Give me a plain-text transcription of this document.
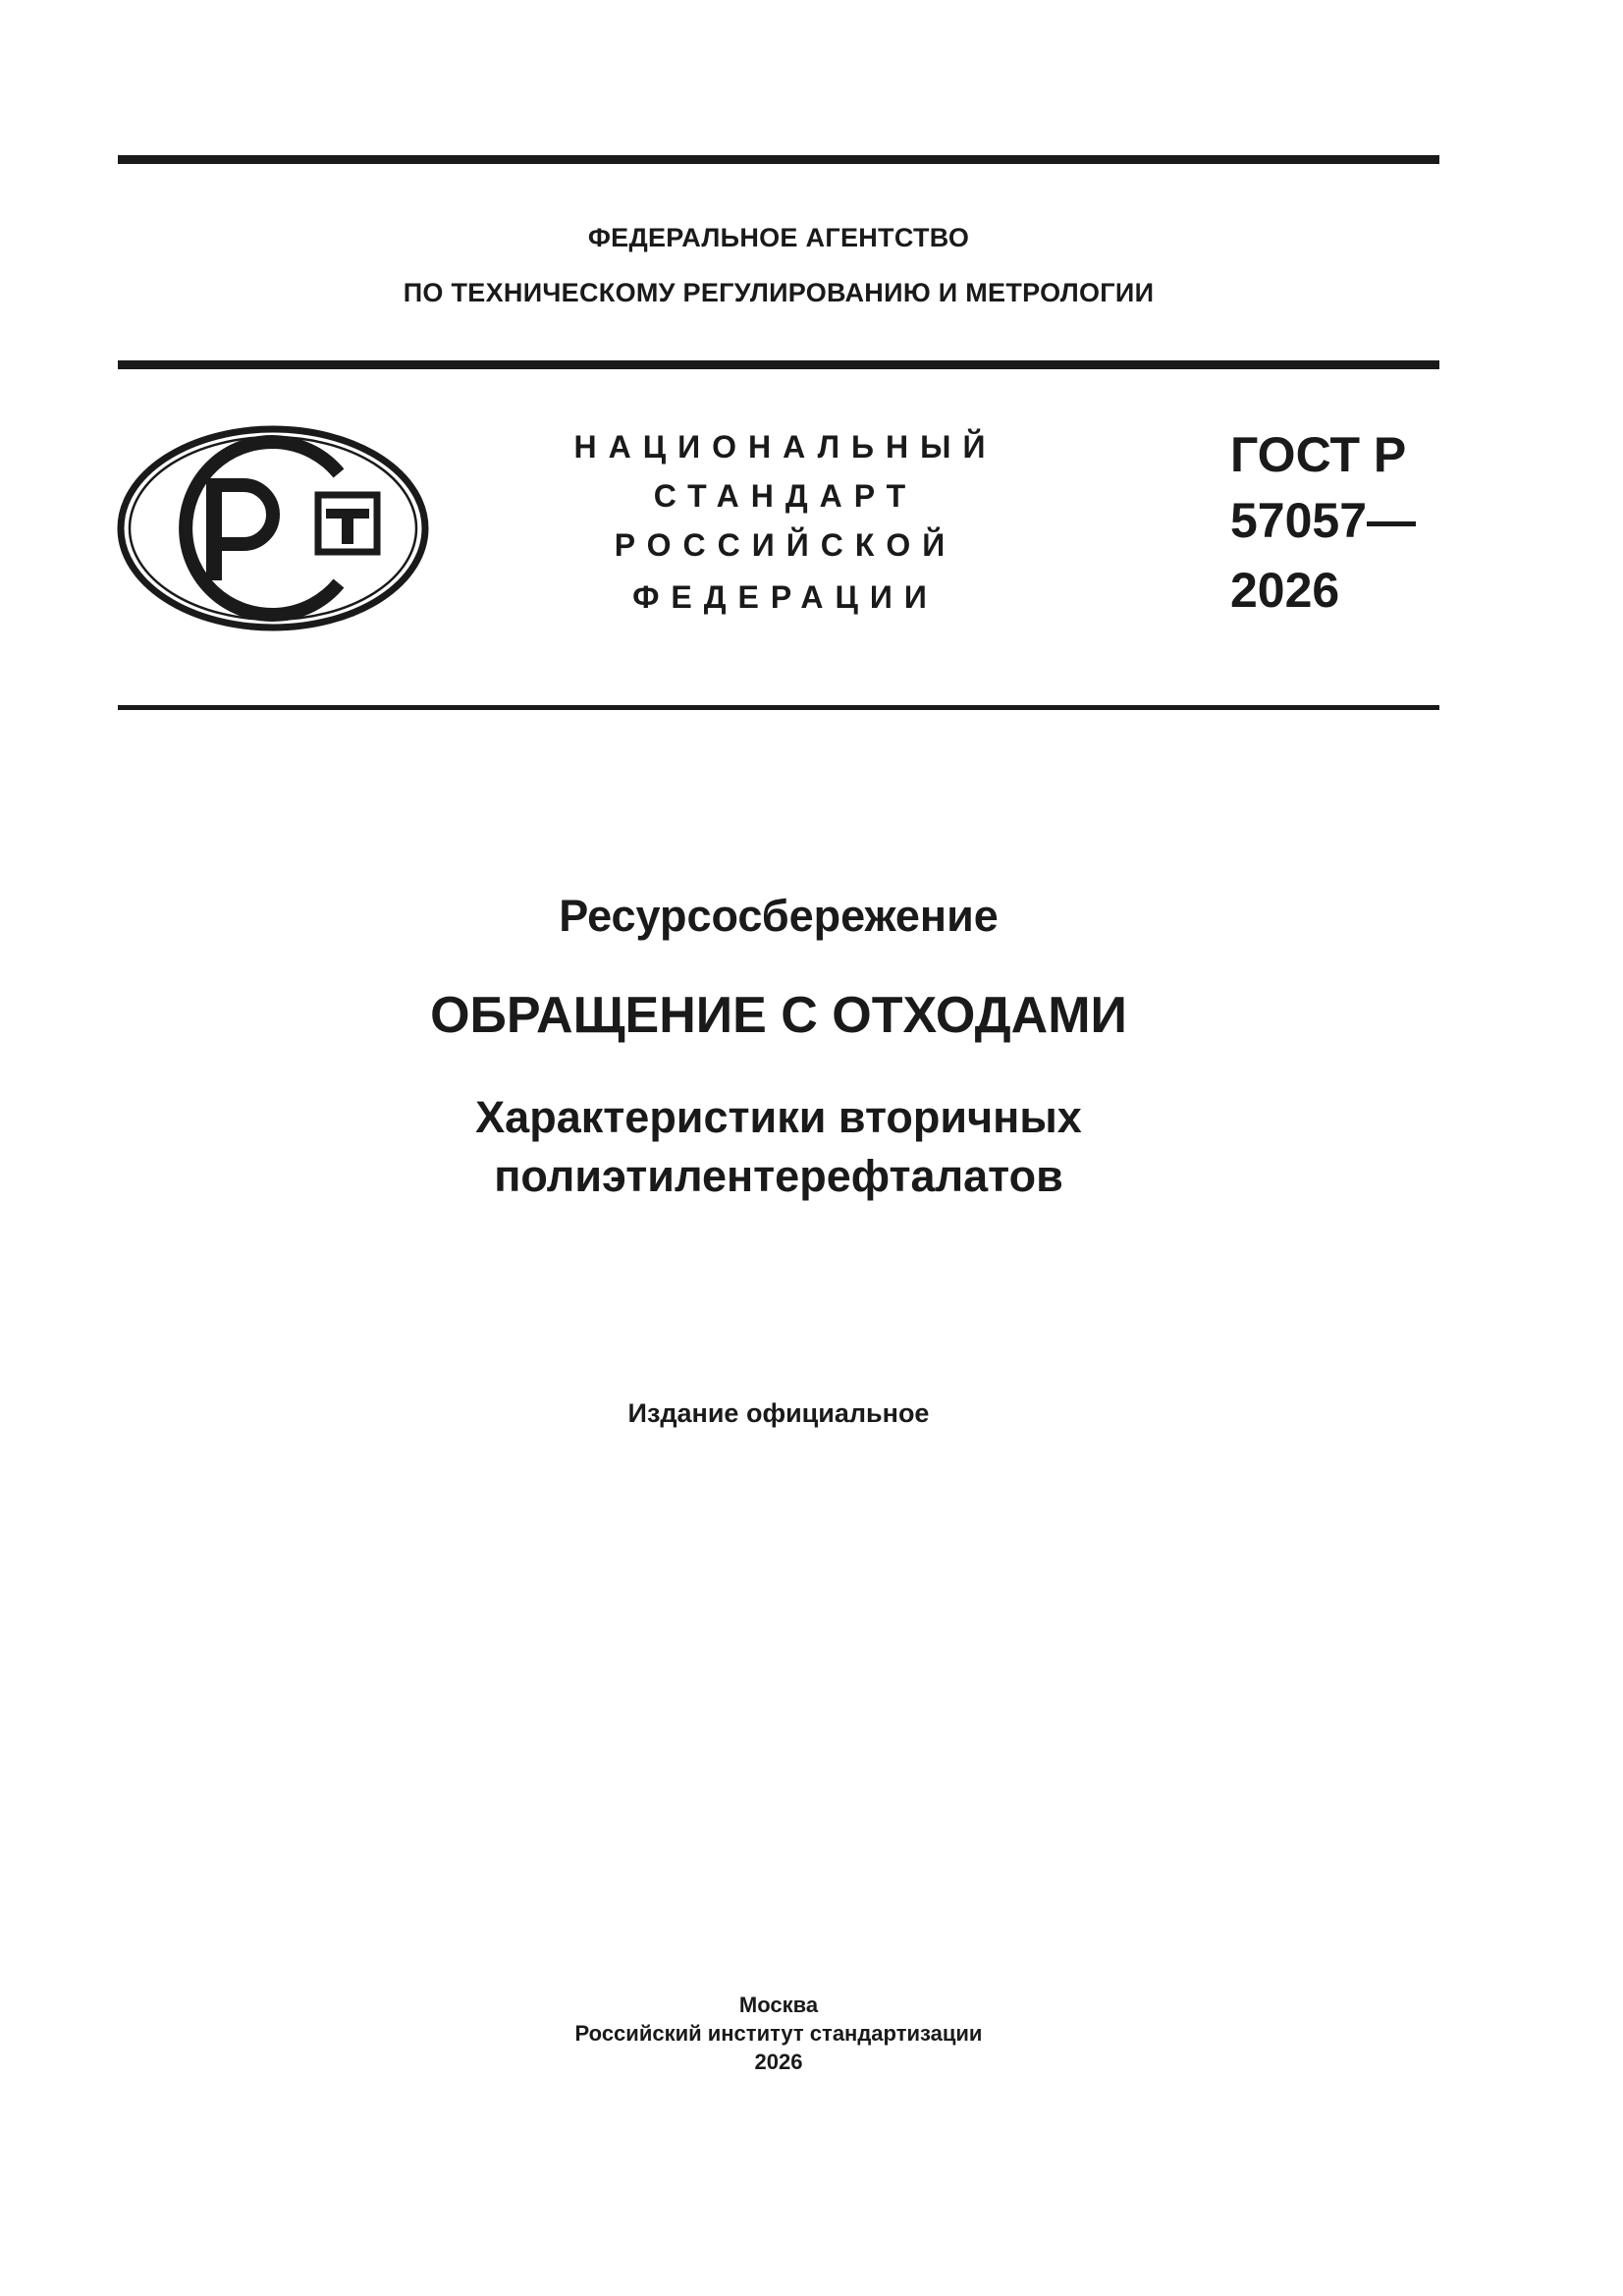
ФЕДЕРАЛЬНОЕ АГЕНТСТВО
ПО ТЕХНИЧЕСКОМУ РЕГУЛИРОВАНИЮ И МЕТРОЛОГИИ
НАЦИОНАЛЬНЫЙ
СТАНДАРТ
РОССИЙСКОЙ
ФЕДЕРАЦИИ
ГОСТ Р
57057—
2026
Ресурсосбережение
ОБРАЩЕНИЕ С ОТХОДАМИ
Характеристики вторичных
полиэтилентерефталатов
Издание официальное
Москва
Российский институт стандартизации
2026
